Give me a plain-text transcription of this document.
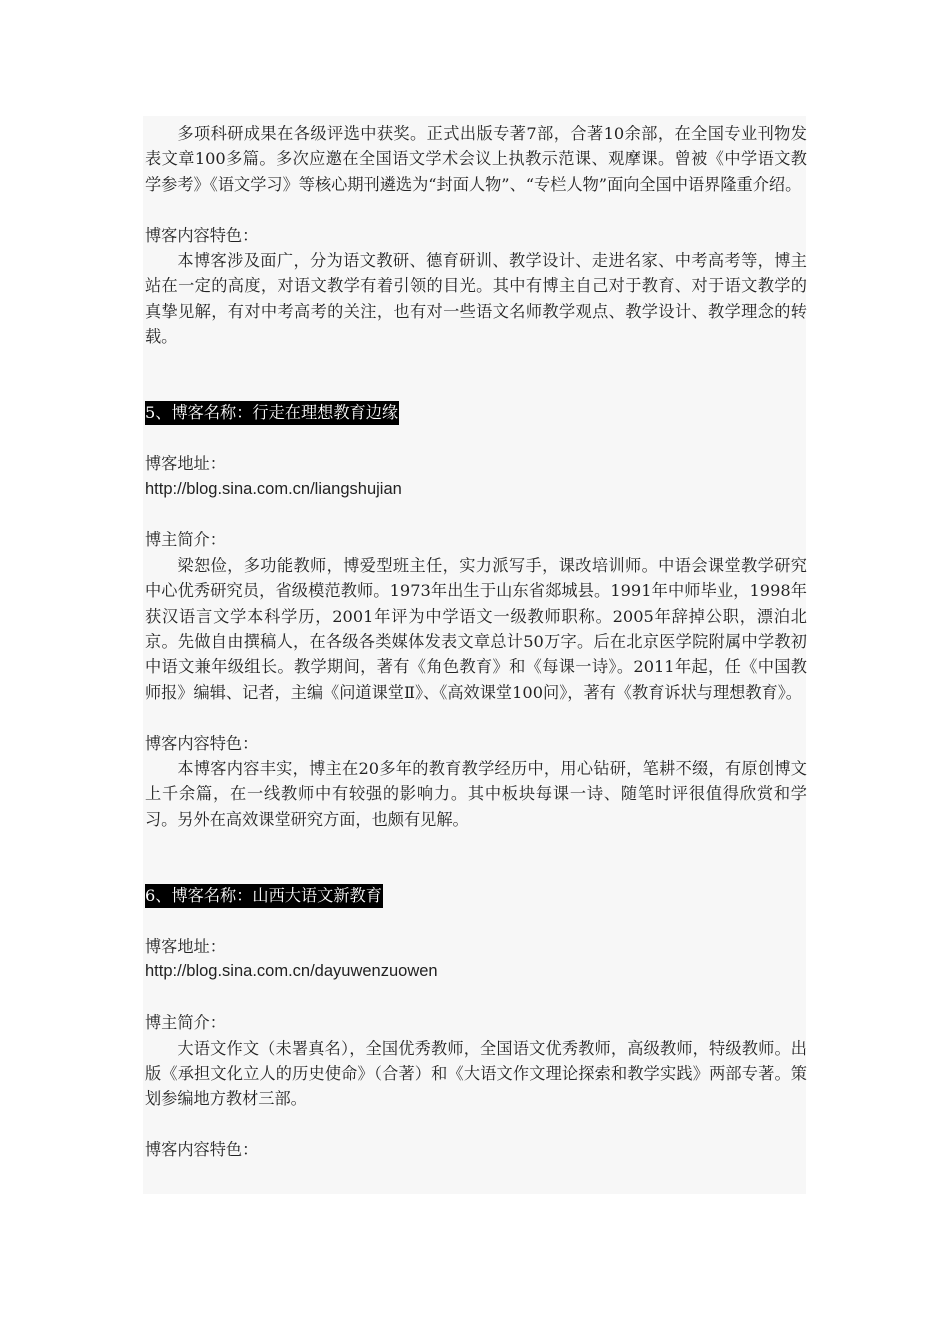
多项科研成果在各级评选中获奖。正式出版专著7部，合著10余部，在全国专业刊物发表文章100多篇。多次应邀在全国语文学术会议上执教示范课、观摩课。曾被《中学语文教学参考》《语文学习》等核心期刊遴选为“封面人物”、“专栏人物”面向全国中语界隆重介绍。

博客内容特色：

本博客涉及面广，分为语文教研、德育研训、教学设计、走进名家、中考高考等，博主站在一定的高度，对语文教学有着引领的目光。其中有博主自己对于教育、对于语文教学的真挚见解，有对中考高考的关注，也有对一些语文名师教学观点、教学设计、教学理念的转载。

5、博客名称：行走在理想教育边缘

博客地址：

http://blog.sina.com.cn/liangshujian

博主简介：

梁恕俭，多功能教师，博爱型班主任，实力派写手，课改培训师。中语会课堂教学研究中心优秀研究员，省级模范教师。1973年出生于山东省郯城县。1991年中师毕业，1998年获汉语言文学本科学历，2001年评为中学语文一级教师职称。2005年辞掉公职，漂泊北京。先做自由撰稿人，在各级各类媒体发表文章总计50万字。后在北京医学院附属中学教初中语文兼年级组长。教学期间，著有《角色教育》和《每课一诗》。2011年起，任《中国教师报》编辑、记者，主编《问道课堂Ⅱ》、《高效课堂100问》，著有《教育诉状与理想教育》。

博客内容特色：

本博客内容丰实，博主在20多年的教育教学经历中，用心钻研，笔耕不缀，有原创博文上千余篇，在一线教师中有较强的影响力。其中板块每课一诗、随笔时评很值得欣赏和学习。另外在高效课堂研究方面，也颇有见解。

6、博客名称：山西大语文新教育

博客地址：

http://blog.sina.com.cn/dayuwenzuowen

博主简介：

大语文作文（未署真名），全国优秀教师，全国语文优秀教师，高级教师，特级教师。出版《承担文化立人的历史使命》（合著）和《大语文作文理论探索和教学实践》两部专著。策划参编地方教材三部。

博客内容特色：
